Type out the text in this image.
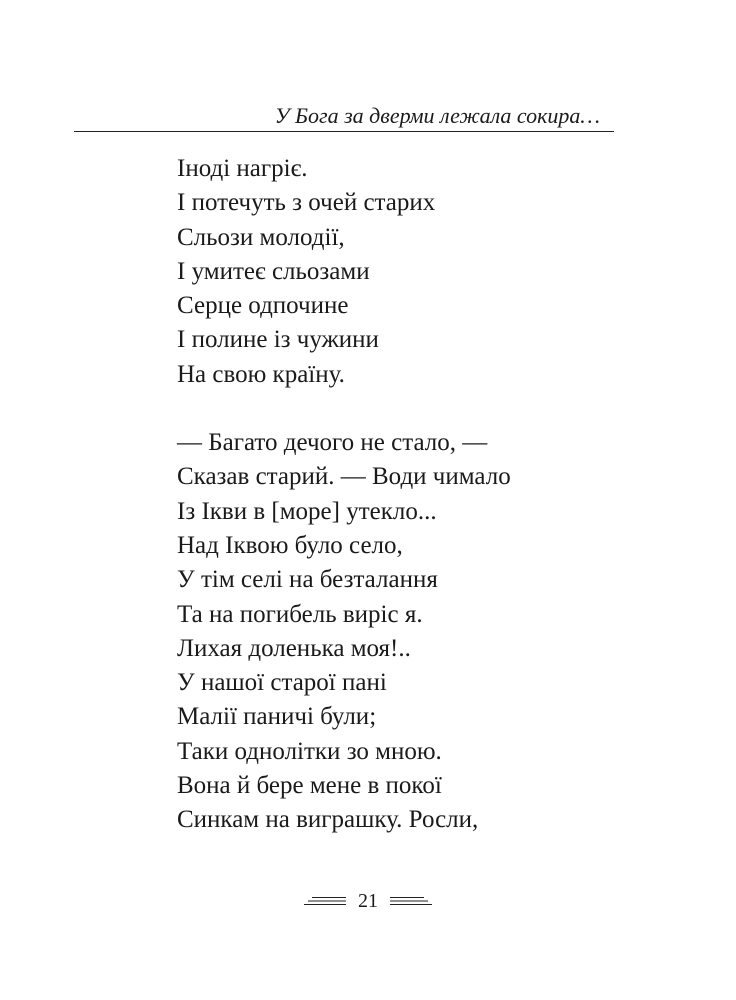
У Бога за дверми лежала сокира…

Іноді нагріє.
І потечуть з очей старих
Сльози молодії,
І умитеє сльозами
Серце одпочине
І полине із чужини
На свою країну.

— Багато дечого не стало, —
Сказав старий. — Води чимало
Із Ікви в [море] утекло...
Над Іквою було село,
У тім селі на безталання
Та на погибель виріс я.
Лихая доленька моя!..
У нашої старої пані
Малії паничі були;
Таки однолітки зо мною.
Вона й бере мене в покої
Синкам на виграшку. Росли,

21
